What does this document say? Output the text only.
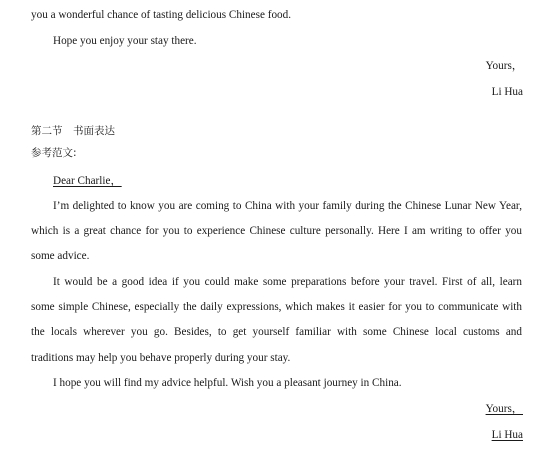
you a wonderful chance of tasting delicious Chinese food.
Hope you enjoy your stay there.
Yours，
Li Hua
第二节　书面表达
参考范文:
Dear Charlie，
I’m delighted to know you are coming to China with your family during the Chinese Lunar New Year,
which is a great chance for you to experience Chinese culture personally. Here I am writing to offer you
some advice.
It would be a good idea if you could make some preparations before your travel. First of all, learn
some simple Chinese, especially the daily expressions, which makes it easier for you to communicate with
the locals wherever you go. Besides, to get yourself familiar with some Chinese local customs and
traditions may help you behave properly during your stay.
I hope you will find my advice helpful. Wish you a pleasant journey in China.
Yours，
Li Hua
